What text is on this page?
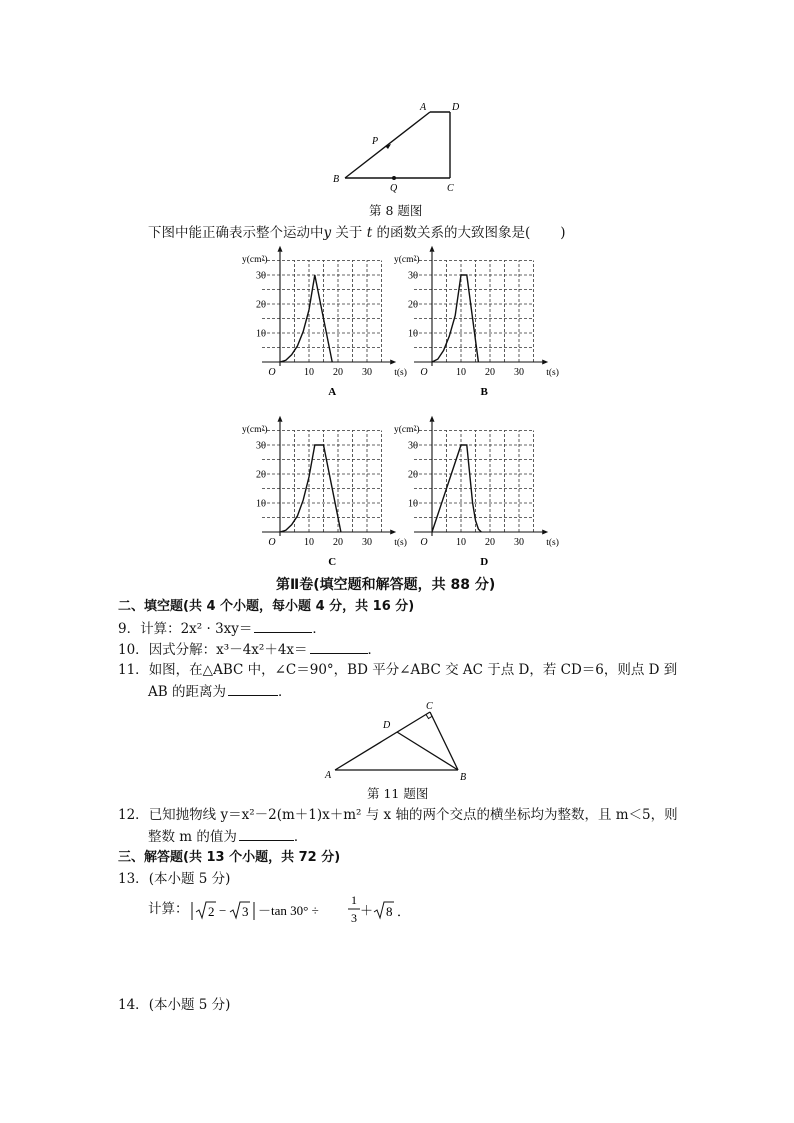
A	D
B
C
P
Q
第 8 题图
下图中能正确表示整个运动中y 关于 t 的函数关系的大致图象是( )
10
20
30
10 20 30
O
y(cm²)
t(s)
A
10
20
30
10 20 30
O
y(cm²)
t(s)
B
10
20
30
10 20 30
O
y(cm²)
t(s)
C
10
20
30
10 20 30
O
y(cm²)
t(s)
D
第Ⅱ卷(填空题和解答题，共 88 分)
二、填空题(共 4 个小题，每小题 4 分，共 16 分)
9．计算：2x² · 3xy＝	．
10．因式分解：x³－4x²＋4x＝	．
11．如图，在△ABC 中，∠C＝90°，BD 平分∠ABC 交 AC 于点 D，若 CD＝6，则点 D 到
AB 的距离为	．
A	B
C
D
第 11 题图
12．已知抛物线 y＝x²－2(m＋1)x＋m² 与 x 轴的两个交点的横坐标均为整数，且 m＜5，则
整数 m 的值为	．
三、解答题(共 13 个小题，共 72 分)
13．(本小题 5 分)
计算： 2 − 3 －tan 30° ÷
1
3 ＋ 8 ．
14．(本小题 5 分)
